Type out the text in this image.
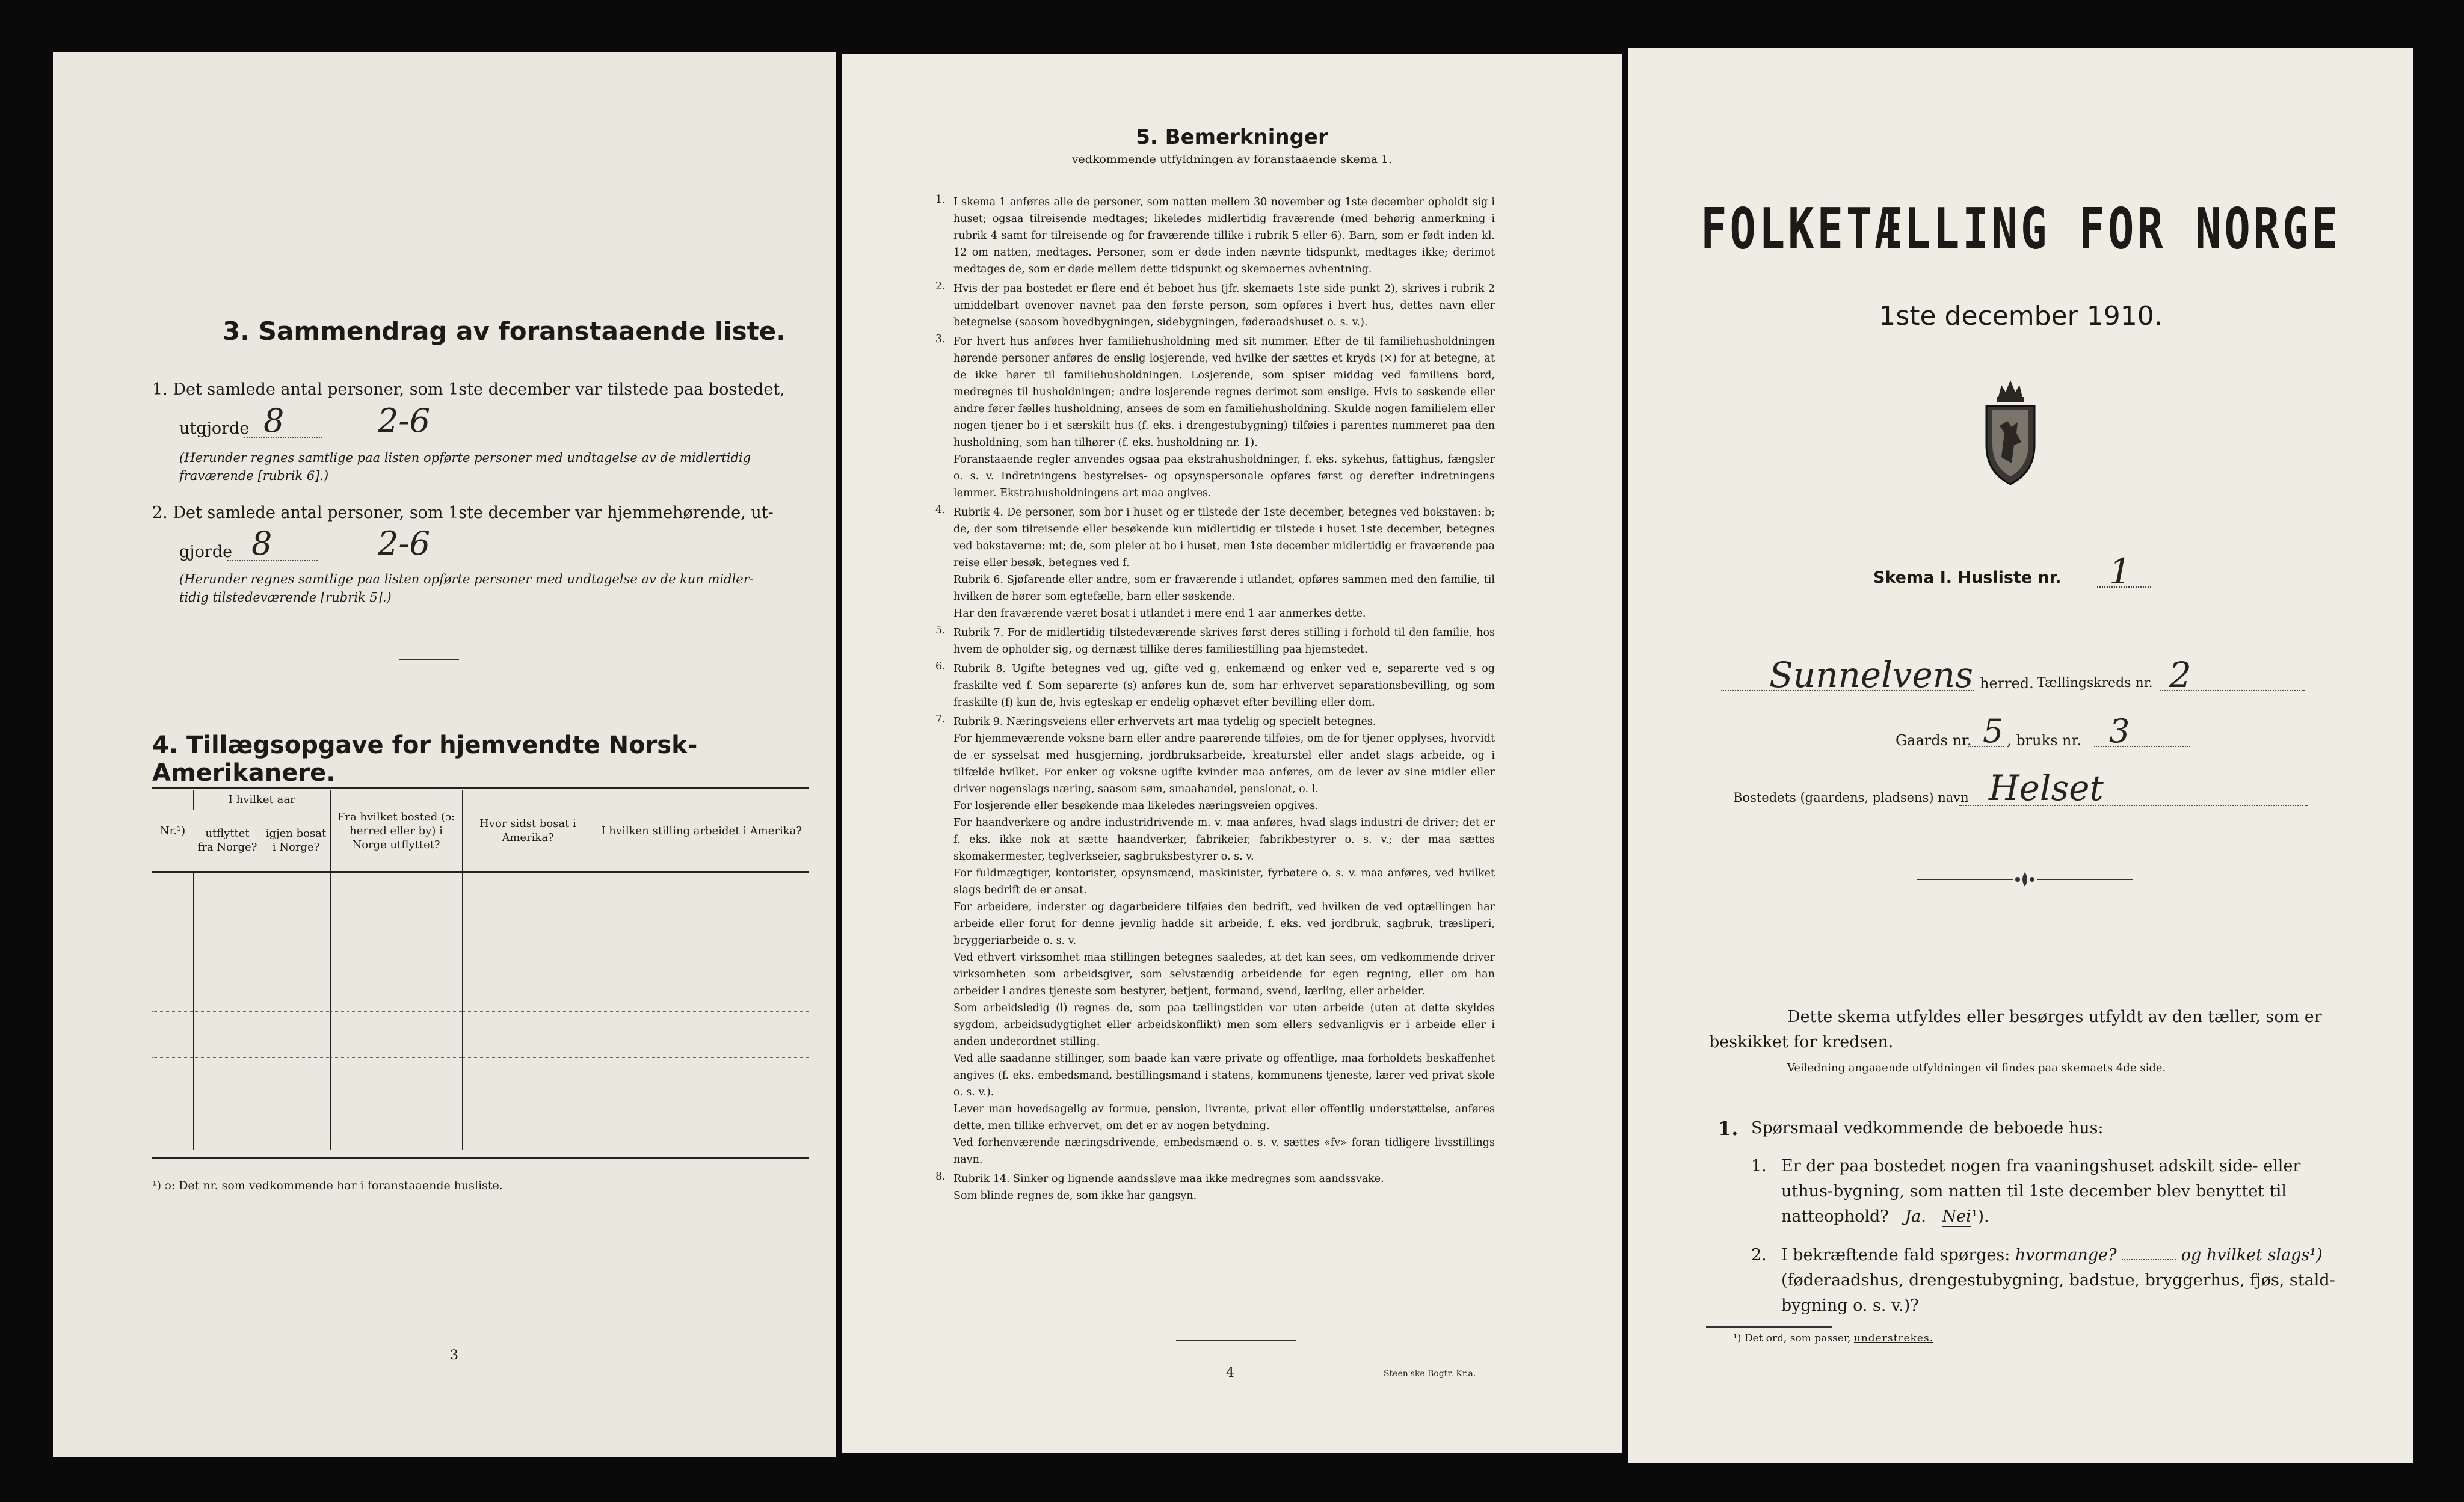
3. Sammendrag av foranstaaende liste.
1. Det samlede antal personer, som 1ste december var tilstede paa bostedet,
utgjorde 8	2-6
(Herunder regnes samtlige paa listen opførte personer med undtagelse av de midlertidig
fraværende [rubrik 6].)
2. Det samlede antal personer, som 1ste december var hjemmehørende, ut-
gjorde 8	2-6
(Herunder regnes samtlige paa listen opførte personer med undtagelse av de kun midler-
tidig tilstedeværende [rubrik 5].)
4. Tillægsopgave for hjemvendte Norsk-Amerikanere.
Nr.¹)	I hvilket aar		Fra hvilket bosted (ɔ: herred eller by) i Norge utflyttet?	Hvor sidst bosat i Amerika?	I hvilken stilling arbeidet i Amerika?
	utflyttet fra Norge?	igjen bosat i Norge?			

¹) ɔ: Det nr. som vedkommende har i foranstaaende husliste.
3
5. Bemerkninger
vedkommende utfyldningen av foranstaaende skema 1.
1. I skema 1 anføres alle de personer, som natten mellem 30 november og 1ste december opholdt sig i huset; ogsaa tilreisende medtages; likeledes midlertidig fraværende (med behørig anmerkning i rubrik 4 samt for tilreisende og for fraværende tillike i rubrik 5 eller 6). Barn, som er født inden kl. 12 om natten, medtages. Personer, som er døde inden nævnte tidspunkt, medtages ikke; derimot medtages de, som er døde mellem dette tidspunkt og skemaernes avhentning.
2. Hvis der paa bostedet er flere end ét beboet hus (jfr. skemaets 1ste side punkt 2), skrives i rubrik 2 umiddelbart ovenover navnet paa den første person, som opføres i hvert hus, dettes navn eller betegnelse (saasom hovedbygningen, sidebygningen, føderaadshuset o. s. v.).
3. For hvert hus anføres hver familiehusholdning med sit nummer. Efter de til familiehusholdningen hørende personer anføres de enslig losjerende, ved hvilke der sættes et kryds (×) for at betegne, at de ikke hører til familiehusholdningen. Losjerende, som spiser middag ved familiens bord, medregnes til husholdningen; andre losjerende regnes derimot som enslige. Hvis to søskende eller andre fører fælles husholdning, ansees de som en familiehusholdning. Skulde nogen familielem eller nogen tjener bo i et særskilt hus (f. eks. i drengestubygning) tilføies i parentes nummeret paa den husholdning, som han tilhører (f. eks. husholdning nr. 1).
Foranstaaende regler anvendes ogsaa paa ekstrahusholdninger, f. eks. sykehus, fattighus, fængsler o. s. v. Indretningens bestyrelses- og opsynspersonale opføres først og derefter indretningens lemmer. Ekstrahusholdningens art maa angives.
4. Rubrik 4. De personer, som bor i huset og er tilstede der 1ste december, betegnes ved bokstaven: b; de, der som tilreisende eller besøkende kun midlertidig er tilstede i huset 1ste december, betegnes ved bokstaverne: mt; de, som pleier at bo i huset, men 1ste december midlertidig er fraværende paa reise eller besøk, betegnes ved f.
Rubrik 6. Sjøfarende eller andre, som er fraværende i utlandet, opføres sammen med den familie, til hvilken de hører som egtefælle, barn eller søskende.
Har den fraværende været bosat i utlandet i mere end 1 aar anmerkes dette.
5. Rubrik 7. For de midlertidig tilstedeværende skrives først deres stilling i forhold til den familie, hos hvem de opholder sig, og dernæst tillike deres familiestilling paa hjemstedet.
6. Rubrik 8. Ugifte betegnes ved ug, gifte ved g, enkemænd og enker ved e, separerte ved s og fraskilte ved f. Som separerte (s) anføres kun de, som har erhvervet separationsbevilling, og som fraskilte (f) kun de, hvis egteskap er endelig ophævet efter bevilling eller dom.
7. Rubrik 9. Næringsveiens eller erhvervets art maa tydelig og specielt betegnes.
For hjemmeværende voksne barn eller andre paarørende tilføies, om de for tjener opplyses, hvorvidt de er sysselsat med husgjerning, jordbruksarbeide, kreaturstel eller andet slags arbeide, og i tilfælde hvilket. For enker og voksne ugifte kvinder maa anføres, om de lever av sine midler eller driver nogenslags næring, saasom søm, smaahandel, pensionat, o. l.
For losjerende eller besøkende maa likeledes næringsveien opgives.
For haandverkere og andre industridrivende m. v. maa anføres, hvad slags industri de driver; det er f. eks. ikke nok at sætte haandverker, fabrikeier, fabrikbestyrer o. s. v.; der maa sættes skomakermester, teglverkseier, sagbruksbestyrer o. s. v.
For fuldmægtiger, kontorister, opsynsmænd, maskinister, fyrbøtere o. s. v. maa anføres, ved hvilket slags bedrift de er ansat.
For arbeidere, inderster og dagarbeidere tilføies den bedrift, ved hvilken de ved optællingen har arbeide eller forut for denne jevnlig hadde sit arbeide, f. eks. ved jordbruk, sagbruk, træsliperi, bryggeriarbeide o. s. v.
Ved ethvert virksomhet maa stillingen betegnes saaledes, at det kan sees, om vedkommende driver virksomheten som arbeidsgiver, som selvstændig arbeidende for egen regning, eller om han arbeider i andres tjeneste som bestyrer, betjent, formand, svend, lærling, eller arbeider.
Som arbeidsledig (l) regnes de, som paa tællingstiden var uten arbeide (uten at dette skyldes sygdom, arbeidsudygtighet eller arbeidskonflikt) men som ellers sedvanligvis er i arbeide eller i anden underordnet stilling.
Ved alle saadanne stillinger, som baade kan være private og offentlige, maa forholdets beskaffenhet angives (f. eks. embedsmand, bestillingsmand i statens, kommunens tjeneste, lærer ved privat skole o. s. v.).
Lever man hovedsagelig av formue, pension, livrente, privat eller offentlig understøttelse, anføres dette, men tillike erhvervet, om det er av nogen betydning.
Ved forhenværende næringsdrivende, embedsmænd o. s. v. sættes «fv» foran tidligere livsstillings navn.
8. Rubrik 14. Sinker og lignende aandssløve maa ikke medregnes som aandssvake.
Som blinde regnes de, som ikke har gangsyn.
4	Steen'ske Bogtr. Kr.a.
FOLKETÆLLING FOR NORGE
1ste december 1910.
Skema I. Husliste nr. 1
Sunnelvens herred. Tællingskreds nr. 2
Gaards nr. 5 , bruks nr. 3
Bostedets (gaardens, pladsens) navn Helset
Dette skema utfyldes eller besørges utfyldt av den tæller, som er
beskikket for kredsen.
Veiledning angaaende utfyldningen vil findes paa skemaets 4de side.
1. Spørsmaal vedkommende de beboede hus:
1. Er der paa bostedet nogen fra vaaningshuset adskilt side- eller
uthus-bygning, som natten til 1ste december blev benyttet til
natteophold? Ja. Nei¹).
2. I bekræftende fald spørges: hvormange?	og hvilket slags¹)
(føderaadshus, drengestubygning, badstue, bryggerhus, fjøs, stald-
bygning o. s. v.)?
¹) Det ord, som passer, understrekes.
